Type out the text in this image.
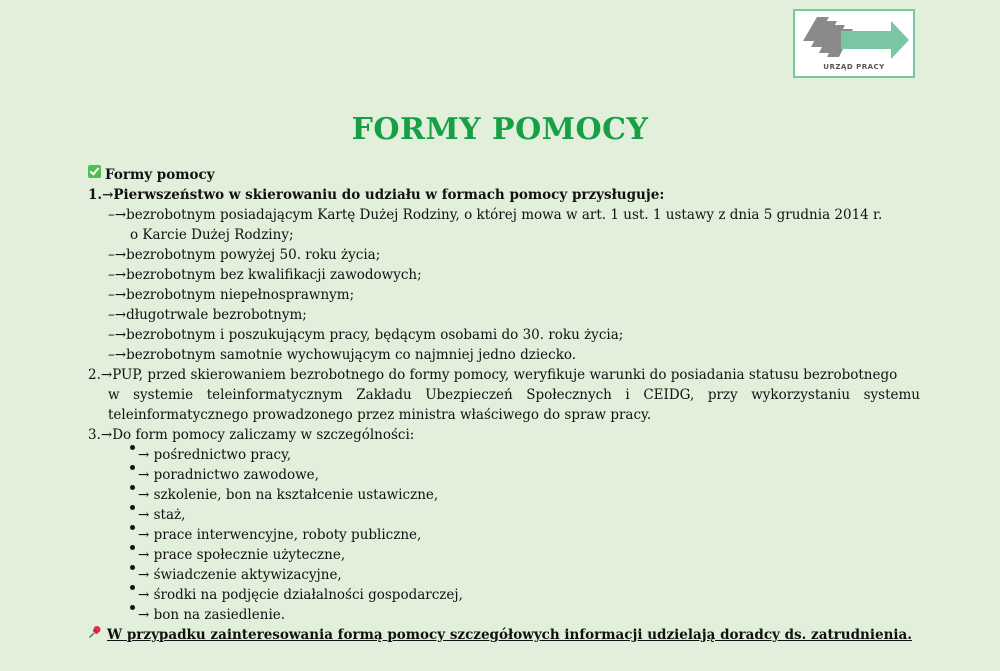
URZĄD PRACY
FORMY POMOCY
Formy pomocy
1. → Pierwszeństwo w skierowaniu do udziału w formach pomocy przysługuje:
–→ bezrobotnym posiadającym Kartę Dużej Rodziny, o której mowa w art. 1 ust. 1 ustawy z dnia 5 grudnia 2014 r.
o Karcie Dużej Rodziny;
–→ bezrobotnym powyżej 50. roku życia;
–→ bezrobotnym bez kwalifikacji zawodowych;
–→ bezrobotnym niepełnosprawnym;
–→ długotrwale bezrobotnym;
–→ bezrobotnym i poszukującym pracy, będącym osobami do 30. roku życia;
–→ bezrobotnym samotnie wychowującym co najmniej jedno dziecko.
2.→PUP, przed skierowaniem bezrobotnego do formy pomocy, weryfikuje warunki do posiadania statusu bezrobotnego
w systemie teleinformatycznym Zakładu Ubezpieczeń Społecznych i CEIDG, przy wykorzystaniu systemu
teleinformatycznego prowadzonego przez ministra właściwego do spraw pracy.
3. → Do form pomocy zaliczamy w szczególności:
→
pośrednictwo pracy,
→
poradnictwo zawodowe,
→
szkolenie, bon na kształcenie ustawiczne,
→
staż,
→
prace interwencyjne, roboty publiczne,
→
prace społecznie użyteczne,
→
świadczenie aktywizacyjne,
→
środki na podjęcie działalności gospodarczej,
→
bon na zasiedlenie.
W przypadku zainteresowania formą pomocy szczegółowych informacji udzielają doradcy ds. zatrudnienia.
